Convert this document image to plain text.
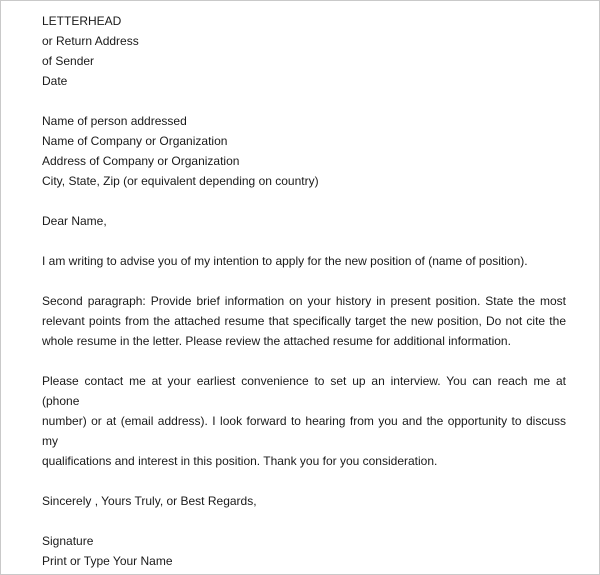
LETTERHEAD
or Return Address
of Sender
Date
Name of person addressed
Name of Company or Organization
Address of Company or Organization
City, State, Zip (or equivalent depending on country)
Dear Name,
I am writing to advise you of my intention to apply for the new position of (name of position).
Second paragraph: Provide brief information on your history in present position. State the most
relevant points from the attached resume that specifically target the new position, Do not cite the
whole resume in the letter. Please review the attached resume for additional information.
Please contact me at your earliest convenience to set up an interview. You can reach me at (phone
number) or at (email address). I look forward to hearing from you and the opportunity to discuss my
qualifications and interest in this position. Thank you for you consideration.
Sincerely , Yours Truly, or Best Regards,
Signature
Print or Type Your Name
